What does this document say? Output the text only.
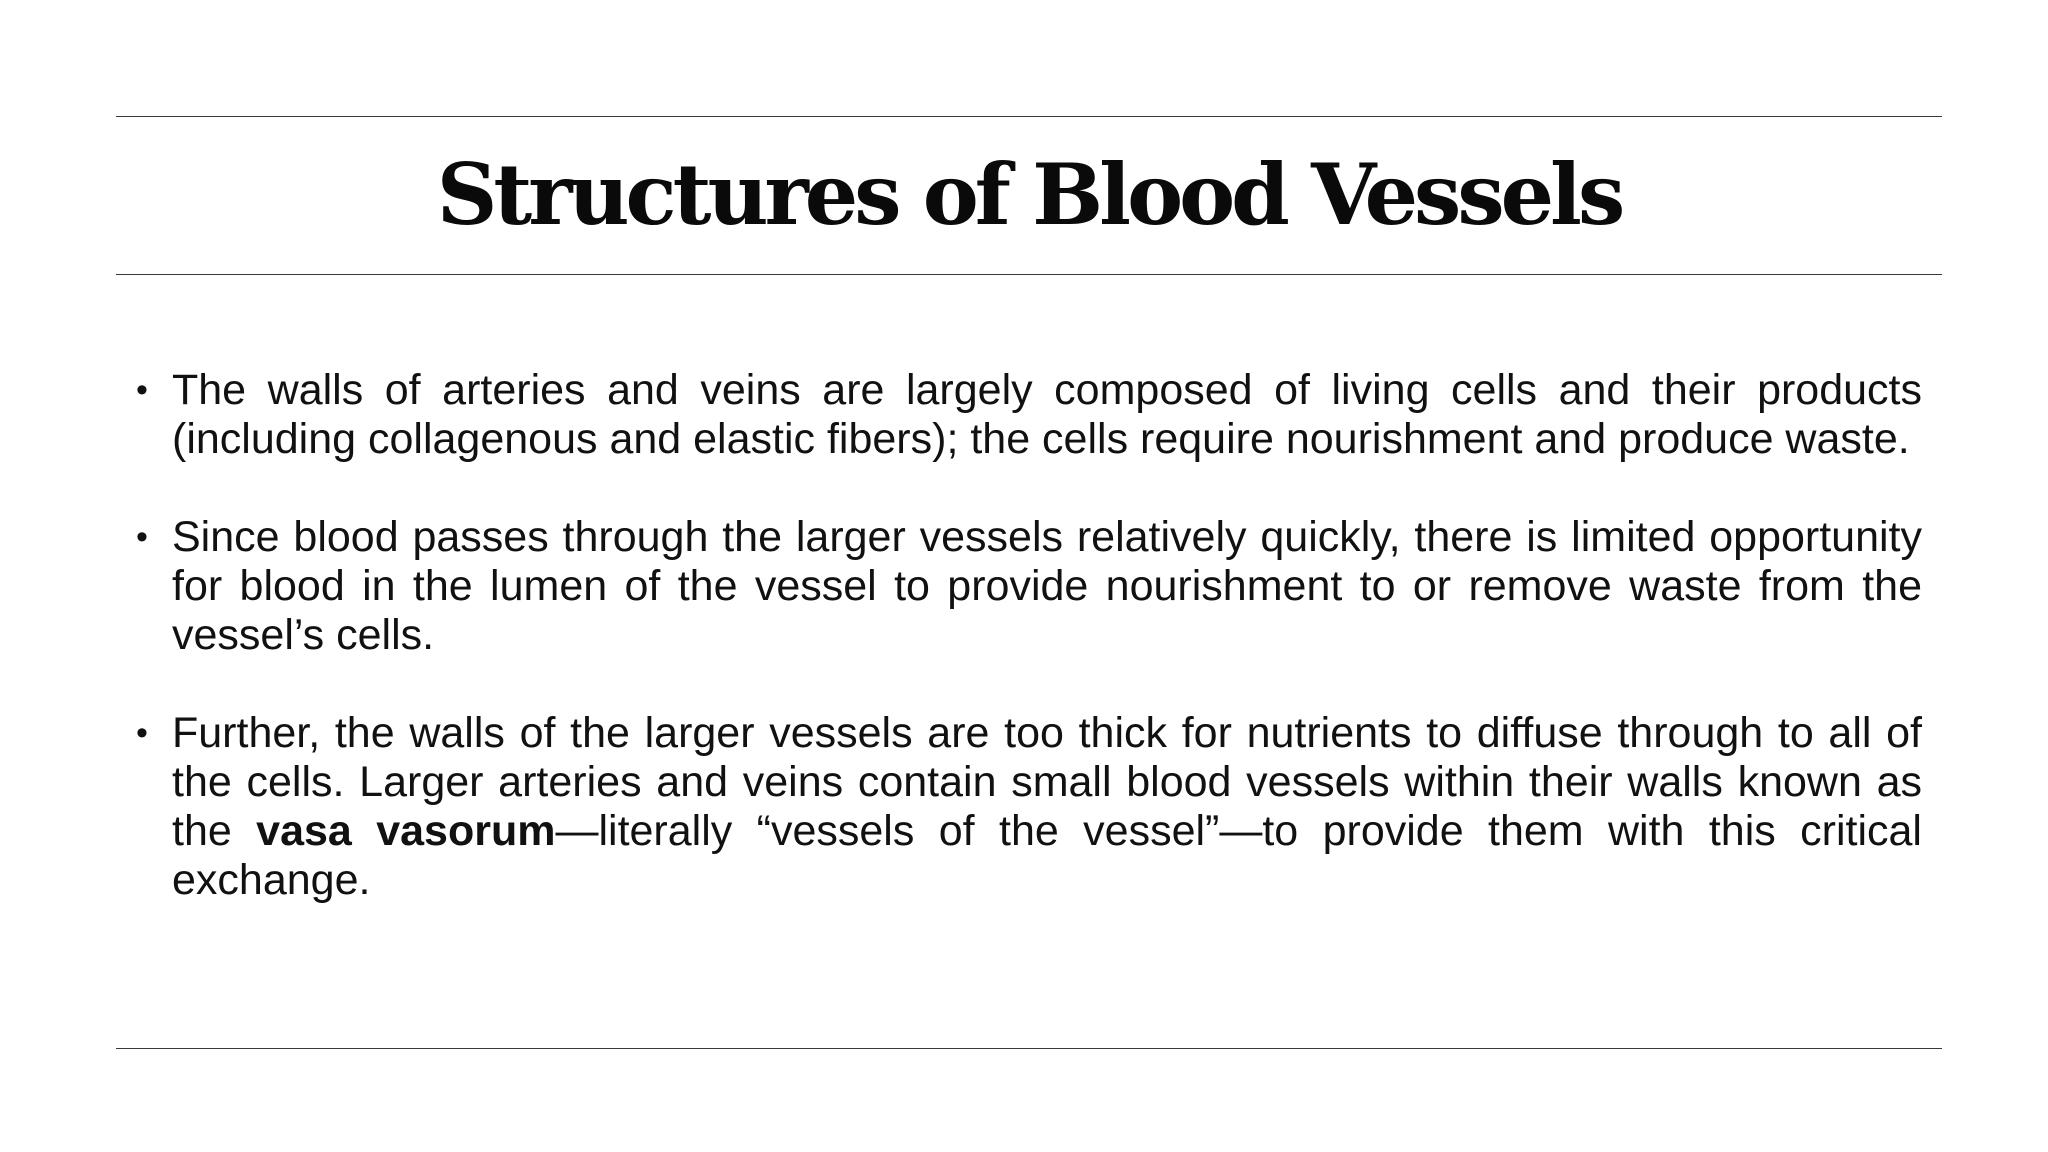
Structures of Blood Vessels
• The walls of arteries and veins are largely composed of living cells and their products (including collagenous and elastic fibers); the cells require nourishment and produce waste.
• Since blood passes through the larger vessels relatively quickly, there is limited opportunity for blood in the lumen of the vessel to provide nourishment to or remove waste from the vessel’s cells.
• Further, the walls of the larger vessels are too thick for nutrients to diffuse through to all of the cells. Larger arteries and veins contain small blood vessels within their walls known as the vasa vasorum—literally “vessels of the vessel”—to provide them with this critical exchange.
